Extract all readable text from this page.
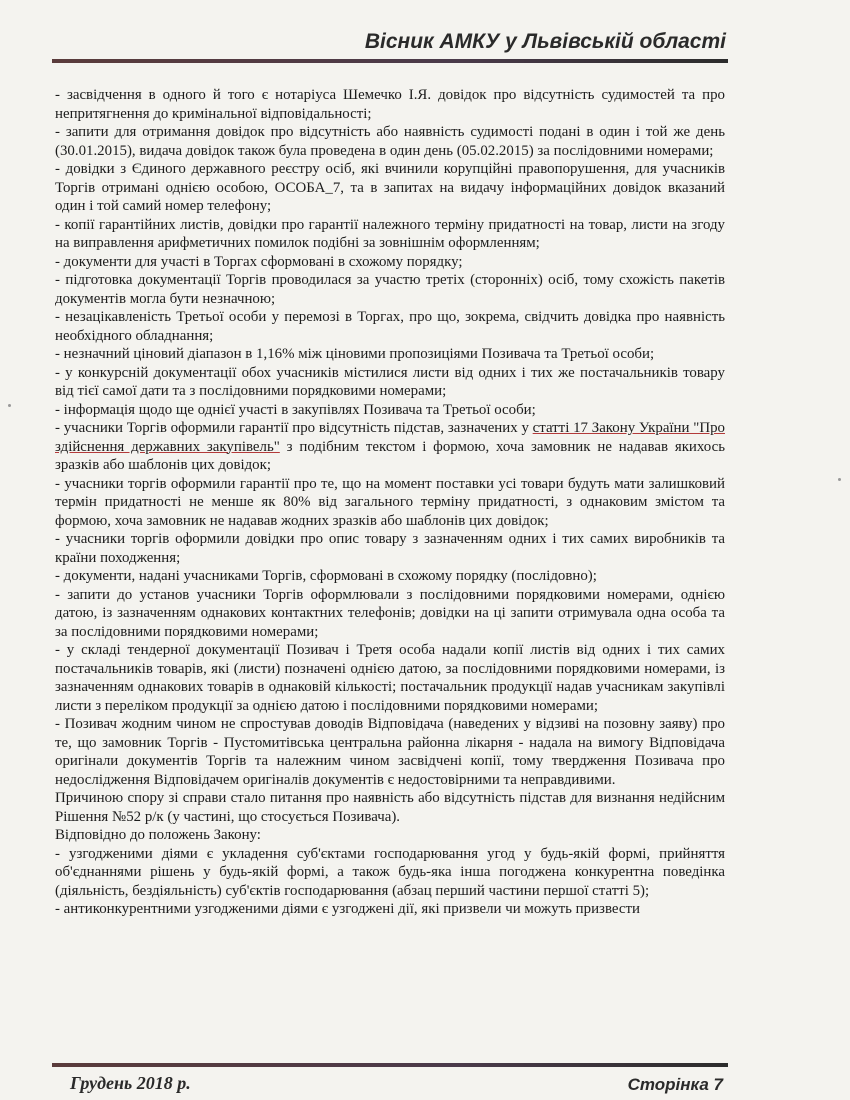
Вісник АМКУ у Львівській області

- засвідчення в одного й того є нотаріуса Шемечко І.Я. довідок про відсутність судимостей та про непритягнення до кримінальної відповідальності;

- запити для отримання довідок про відсутність або наявність судимості подані в один і той же день (30.01.2015), видача довідок також була проведена в один день (05.02.2015) за послідовними номерами;

- довідки з Єдиного державного реєстру осіб, які вчинили корупційні правопорушення, для учасників Торгів отримані однією особою, ОСОБА_7, та в запитах на видачу інформаційних довідок вказаний один і той самий номер телефону;

- копії гарантійних листів, довідки про гарантії належного терміну придатності на товар, листи на згоду на виправлення арифметичних помилок подібні за зовнішнім оформленням;

- документи для участі в Торгах сформовані в схожому порядку;

- підготовка документації Торгів проводилася за участю третіх (сторонніх) осіб, тому схожість пакетів документів могла бути незначною;

- незацікавленість Третьої особи у перемозі в Торгах, про що, зокрема, свідчить довідка про наявність необхідного обладнання;

- незначний ціновий діапазон в 1,16% між ціновими пропозиціями Позивача та Третьої особи;

- у конкурсній документації обох учасників містилися листи від одних і тих же постачальників товару від тієї самої дати та з послідовними порядковими номерами;

- інформація щодо ще однієї участі в закупівлях Позивача та Третьої особи;

- учасники Торгів оформили гарантії про відсутність підстав, зазначених у статті 17 Закону України "Про здійснення державних закупівель" з подібним текстом і формою, хоча замовник не надавав якихось зразків або шаблонів цих довідок;

- учасники торгів оформили гарантії про те, що на момент поставки усі товари будуть мати залишковий термін придатності не менше як 80% від загального терміну придатності, з однаковим змістом та формою, хоча замовник не надавав жодних зразків або шаблонів цих довідок;

- учасники торгів оформили довідки про опис товару з зазначенням одних і тих самих виробників та країни походження;

- документи, надані учасниками Торгів, сформовані в схожому порядку (послідовно);

- запити до установ учасники Торгів оформлювали з послідовними порядковими номерами, однією датою, із зазначенням однакових контактних телефонів; довідки на ці запити отримувала одна особа та за послідовними порядковими номерами;

- у складі тендерної документації Позивач і Третя особа надали копії листів від одних і тих самих постачальників товарів, які (листи) позначені однією датою, за послідовними порядковими номерами, із зазначенням однакових товарів в однаковій кількості; постачальник продукції надав учасникам закупівлі листи з переліком продукції за однією датою і послідовними порядковими номерами;

- Позивач жодним чином не спростував доводів Відповідача (наведених у відзиві на позовну заяву) про те, що замовник Торгів - Пустомитівська центральна районна лікарня - надала на вимогу Відповідача оригінали документів Торгів та належним чином засвідчені копії, тому твердження Позивача про недослідження Відповідачем оригіналів документів є недостовірними та неправдивими.

Причиною спору зі справи стало питання про наявність або відсутність підстав для визнання недійсним Рішення №52 р/к (у частині, що стосується Позивача).

Відповідно до положень Закону:

- узгодженими діями є укладення суб'єктами господарювання угод у будь-якій формі, прийняття об'єднаннями рішень у будь-якій формі, а також будь-яка інша погоджена конкурентна поведінка (діяльність, бездіяльність) суб'єктів господарювання (абзац перший частини першої статті 5);

- антиконкурентними узгодженими діями є узгоджені дії, які призвели чи можуть призвести

Грудень 2018 р.	Сторінка 7
